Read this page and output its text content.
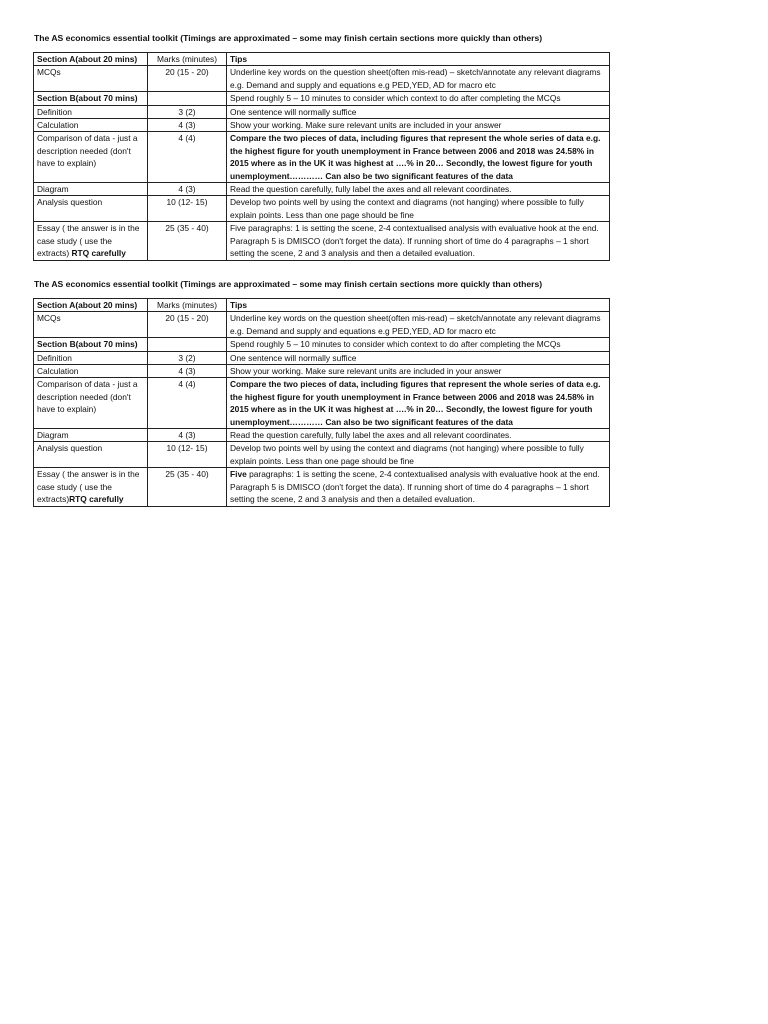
The AS economics essential toolkit (Timings are approximated – some may finish certain sections more quickly than others)
Section A(about 20 mins)	Marks (minutes)	Tips
MCQs	20 (15 - 20)	Underline key words on the question sheet(often mis-read) – sketch/annotate any relevant diagrams e.g. Demand and supply and equations e.g PED,YED, AD for macro etc
Section B(about 70 mins)		Spend roughly 5 – 10 minutes to consider which context to do after completing the MCQs
Definition	3 (2)	One sentence will normally suffice
Calculation	4 (3)	Show your working. Make sure relevant units are included in your answer
Comparison of data - just a description needed (don't have to explain)	4 (4)	Compare the two pieces of data, including figures that represent the whole series of data e.g. the highest figure for youth unemployment in France between 2006 and 2018 was 24.58% in 2015 where as in the UK it was highest at ….% in 20… Secondly, the lowest figure for youth unemployment………… Can also be two significant features of the data
Diagram	4 (3)	Read the question carefully, fully label the axes and all relevant coordinates.
Analysis question	10 (12- 15)	Develop two points well by using the context and diagrams (not hanging) where possible to fully explain points. Less than one page should be fine
Essay ( the answer is in the case study ( use the extracts) RTQ carefully	25 (35 - 40)	Five paragraphs: 1 is setting the scene, 2-4 contextualised analysis with evaluative hook at the end. Paragraph 5 is DMISCO (don't forget the data). If running short of time do 4 paragraphs – 1 short setting the scene, 2 and 3 analysis and then a detailed evaluation.
The AS economics essential toolkit (Timings are approximated – some may finish certain sections more quickly than others)
Section A(about 20 mins)	Marks (minutes)	Tips
MCQs	20 (15 - 20)	Underline key words on the question sheet(often mis-read) – sketch/annotate any relevant diagrams e.g. Demand and supply and equations e.g PED,YED, AD for macro etc
Section B(about 70 mins)		Spend roughly 5 – 10 minutes to consider which context to do after completing the MCQs
Definition	3 (2)	One sentence will normally suffice
Calculation	4 (3)	Show your working. Make sure relevant units are included in your answer
Comparison of data - just a description needed (don't have to explain)	4 (4)	Compare the two pieces of data, including figures that represent the whole series of data e.g. the highest figure for youth unemployment in France between 2006 and 2018 was 24.58% in 2015 where as in the UK it was highest at ….% in 20… Secondly, the lowest figure for youth unemployment………… Can also be two significant features of the data
Diagram	4 (3)	Read the question carefully, fully label the axes and all relevant coordinates.
Analysis question	10 (12- 15)	Develop two points well by using the context and diagrams (not hanging) where possible to fully explain points. Less than one page should be fine
Essay ( the answer is in the case study ( use the extracts)RTQ carefully	25 (35 - 40)	Five paragraphs: 1 is setting the scene, 2-4 contextualised analysis with evaluative hook at the end. Paragraph 5 is DMISCO (don't forget the data). If running short of time do 4 paragraphs – 1 short setting the scene, 2 and 3 analysis and then a detailed evaluation.
